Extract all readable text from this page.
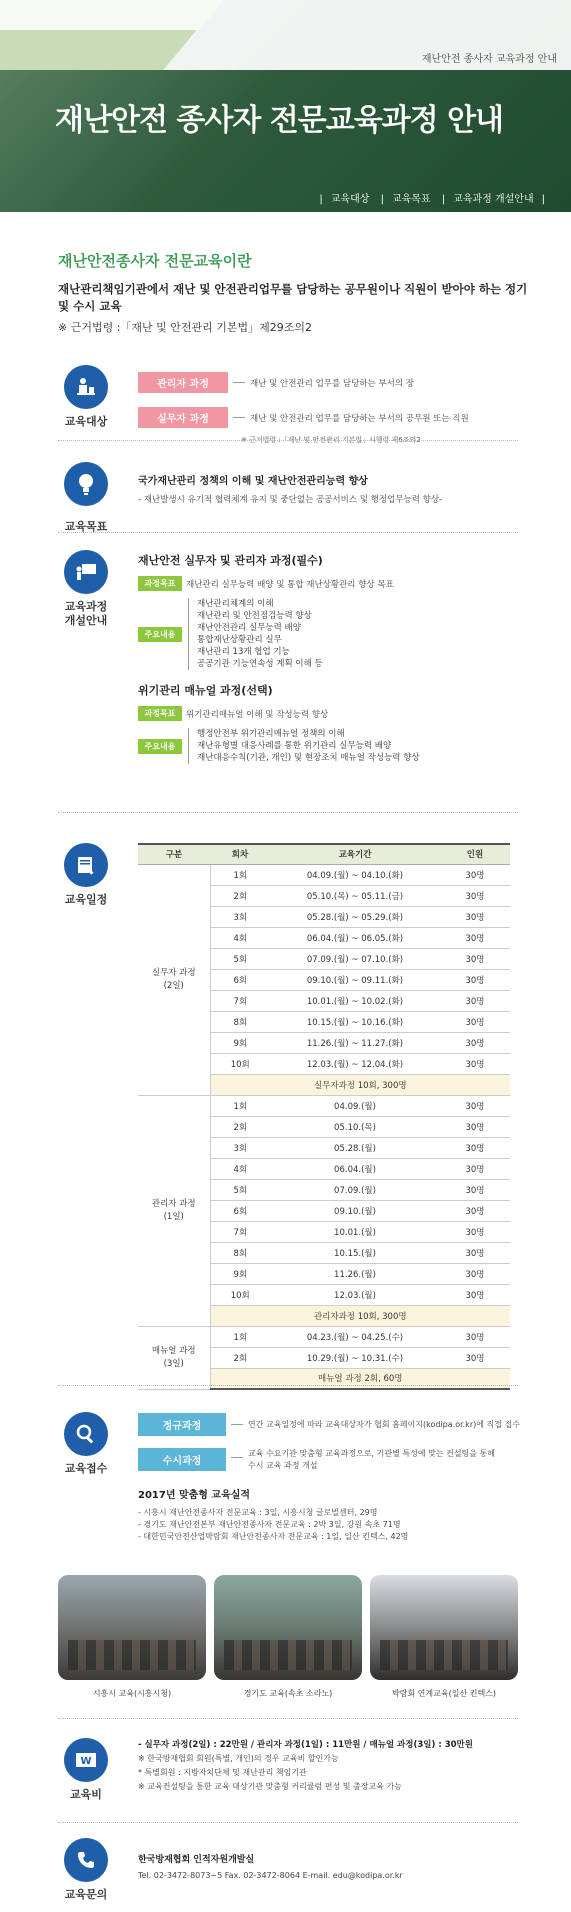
재난안전 종사자 교육과정 안내
재난안전 종사자 전문교육과정 안내
| 교육대상 | 교육목표 | 교육과정 개설안내 |
재난안전종사자 전문교육이란
재난관리책임기관에서 재난 및 안전관리업무를 담당하는 공무원이나 직원이 받아야 하는 정기 및 수시 교육
※ 근거법령 :「재난 및 안전관리 기본법」제29조의2
교육대상
관리자 과정	재난 및 안전관리 업무를 담당하는 부서의 장
실무자 과정	재난 및 안전관리 업무를 담당하는 부서의 공무원 또는 직원
※ 근거법령 :「재난 및 안전관리 기본법」시행령 제6조의2
교육목표
국가재난관리 정책의 이해 및 재난안전관리능력 향상
- 재난발생시 유기적 협력체계 유지 및 중단없는 공공서비스 및 행정업무능력 향상-
교육과정
개설안내
재난안전 실무자 및 관리자 과정(필수)
과정목표	재난관리 실무능력 배양 및 통합 재난상황관리 향상 목표
주요내용
재난관리체계의 이해
재난관리 및 안전점검능력 향상
재난안전관리 실무능력 배양
통합재난상황관리 실무
재난관리 13개 협업 기능
공공기관 기능연속성 계획 이해 등
위기관리 매뉴얼 과정(선택)
과정목표	위기관리매뉴얼 이해 및 작성능력 향상
주요내용
행정안전부 위기관리매뉴얼 정책의 이해
재난유형별 대응사례를 통한 위기관리 실무능력 배양
재난대응수칙(기관, 개인) 및 현장조치 매뉴얼 작성능력 향상
교육일정
구분	회차	교육기간	인원
실무자 과정
(2일)	1회	04.09.(월) ~ 04.10.(화)	30명
	2회	05.10.(목) ~ 05.11.(금)	30명
	3회	05.28.(월) ~ 05.29.(화)	30명
	4회	06.04.(월) ~ 06.05.(화)	30명
	5회	07.09.(월) ~ 07.10.(화)	30명
	6회	09.10.(월) ~ 09.11.(화)	30명
	7회	10.01.(월) ~ 10.02.(화)	30명
	8회	10.15.(월) ~ 10.16.(화)	30명
	9회	11.26.(월) ~ 11.27.(화)	30명
	10회	12.03.(월) ~ 12.04.(화)	30명
	실무자과정 10회, 300명		
관리자 과정
(1일)	1회	04.09.(월)	30명
	2회	05.10.(목)	30명
	3회	05.28.(월)	30명
	4회	06.04.(월)	30명
	5회	07.09.(월)	30명
	6회	09.10.(월)	30명
	7회	10.01.(월)	30명
	8회	10.15.(월)	30명
	9회	11.26.(월)	30명
	10회	12.03.(월)	30명
	관리자과정 10회, 300명		
매뉴얼 과정
(3일)	1회	04.23.(월) ~ 04.25.(수)	30명
	2회	10.29.(월) ~ 10.31.(수)	30명
	매뉴얼 과정 2회, 60명		
교육접수
정규과정	연간 교육일정에 따라 교육대상자가 협회 홈페이지(kodipa.or.kr)에 직접 접수
수시과정
교육 수요기관 맞춤형 교육과정으로, 기관별 특성에 맞는 컨설팅을 통해
수시 교육 과정 개설
2017년 맞춤형 교육실적
- 시흥시 재난안전종사자 전문교육 : 3일, 시흥시청 글로벌센터, 29명
- 경기도 재난안전본부 재난안전종사자 전문교육 : 2박 3일, 강원 속초 71명
- 대한민국안전산업박람회 재난안전종사자 전문교육 : 1일, 일산 킨텍스, 42명
시흥시 교육(시흥시청)	경기도 교육(속초 소라노)	박람회 연계교육(일산 킨텍스)
W
교육비
- 실무자 과정(2일) : 22만원 / 관리자 과정(1일) : 11만원 / 매뉴얼 과정(3일) : 30만원
※ 한국방재협회 회원(특별, 개인)의 경우 교육비 할인가능
* 특별회원 : 지방자치단체 및 재난관리 책임기관
※ 교육컨설팅을 통한 교육 대상기관 맞춤형 커리큘럼 편성 및 출장교육 가능
교육문의
한국방재협회 인적자원개발실
Tel. 02-3472-8073~5 Fax. 02-3472-8064 E-mail. edu@kodipa.or.kr
